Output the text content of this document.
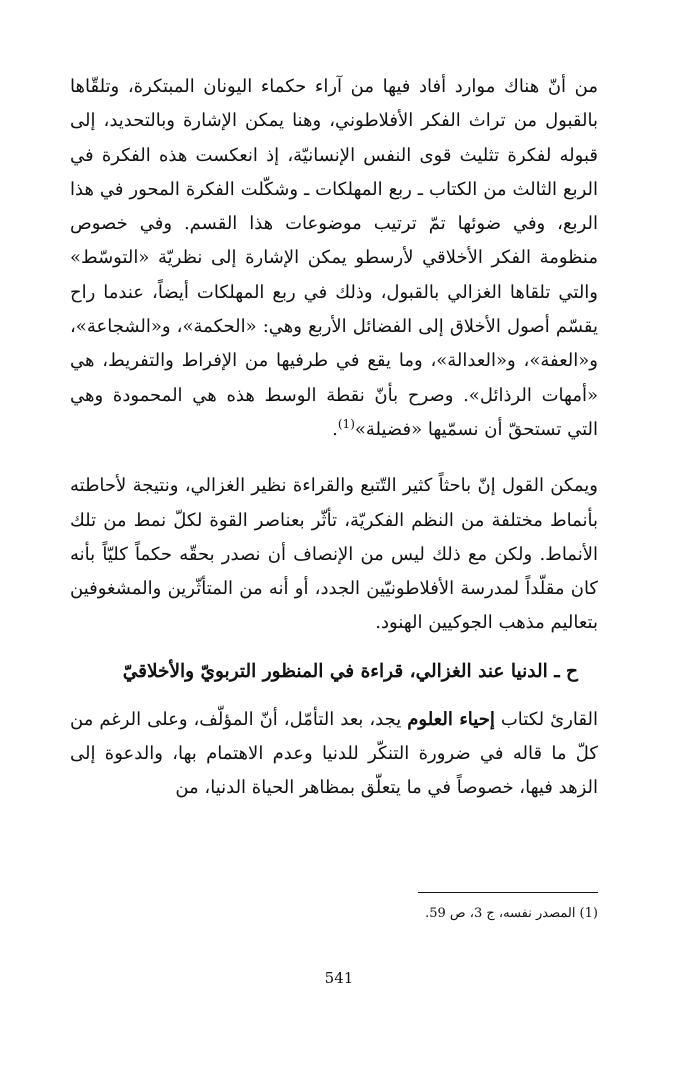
من أنّ هناك موارد أفاد فيها من آراء حكماء اليونان المبتكرة، وتلقّاها بالقبول من تراث الفكر الأفلاطوني، وهنا يمكن الإشارة وبالتحديد، إلى قبوله لفكرة تثليث قوى النفس الإنسانيّة، إذ انعكست هذه الفكرة في الربع الثالث من الكتاب ـ ربع المهلكات ـ وشكّلت الفكرة المحور في هذا الربع، وفي ضوئها تمّ ترتيب موضوعات هذا القسم. وفي خصوص منظومة الفكر الأخلاقي لأرسطو يمكن الإشارة إلى نظريّة «التوسّط» والتي تلقاها الغزالي بالقبول، وذلك في ربع المهلكات أيضاً، عندما راح يقسّم أصول الأخلاق إلى الفضائل الأربع وهي: «الحكمة»، و«الشجاعة»، و«العفة»، و«العدالة»، وما يقع في طرفيها من الإفراط والتفريط، هي «أمهات الرذائل». وصرح بأنّ نقطة الوسط هذه هي المحمودة وهي التي تستحقّ أن نسمّيها «فضيلة»$^{(1)}$.

ويمكن القول إنّ باحثاً كثير التّتبع والقراءة نظير الغزالي، ونتيجة لأحاطته بأنماط مختلفة من النظم الفكريّة، تأثّر بعناصر القوة لكلّ نمط من تلك الأنماط. ولكن مع ذلك ليس من الإنصاف أن نصدر بحقّه حكماً كليّاً بأنه كان مقلّداً لمدرسة الأفلاطونيّين الجدد، أو أنه من المتأثّرين والمشغوفين بتعاليم مذهب الجوكيين الهنود.

ح ـ الدنيا عند الغزالي، قراءة في المنظور التربويّ والأخلاقيّ

القارئ لكتاب إحياء العلوم يجد، بعد التأمّل، أنّ المؤلّف، وعلى الرغم من كلّ ما قاله في ضرورة التنكّر للدنيا وعدم الاهتمام بها، والدعوة إلى الزهد فيها، خصوصاً في ما يتعلّق بمظاهر الحياة الدنيا، من

(1) المصدر نفسه، ج 3، ص 59.

541
